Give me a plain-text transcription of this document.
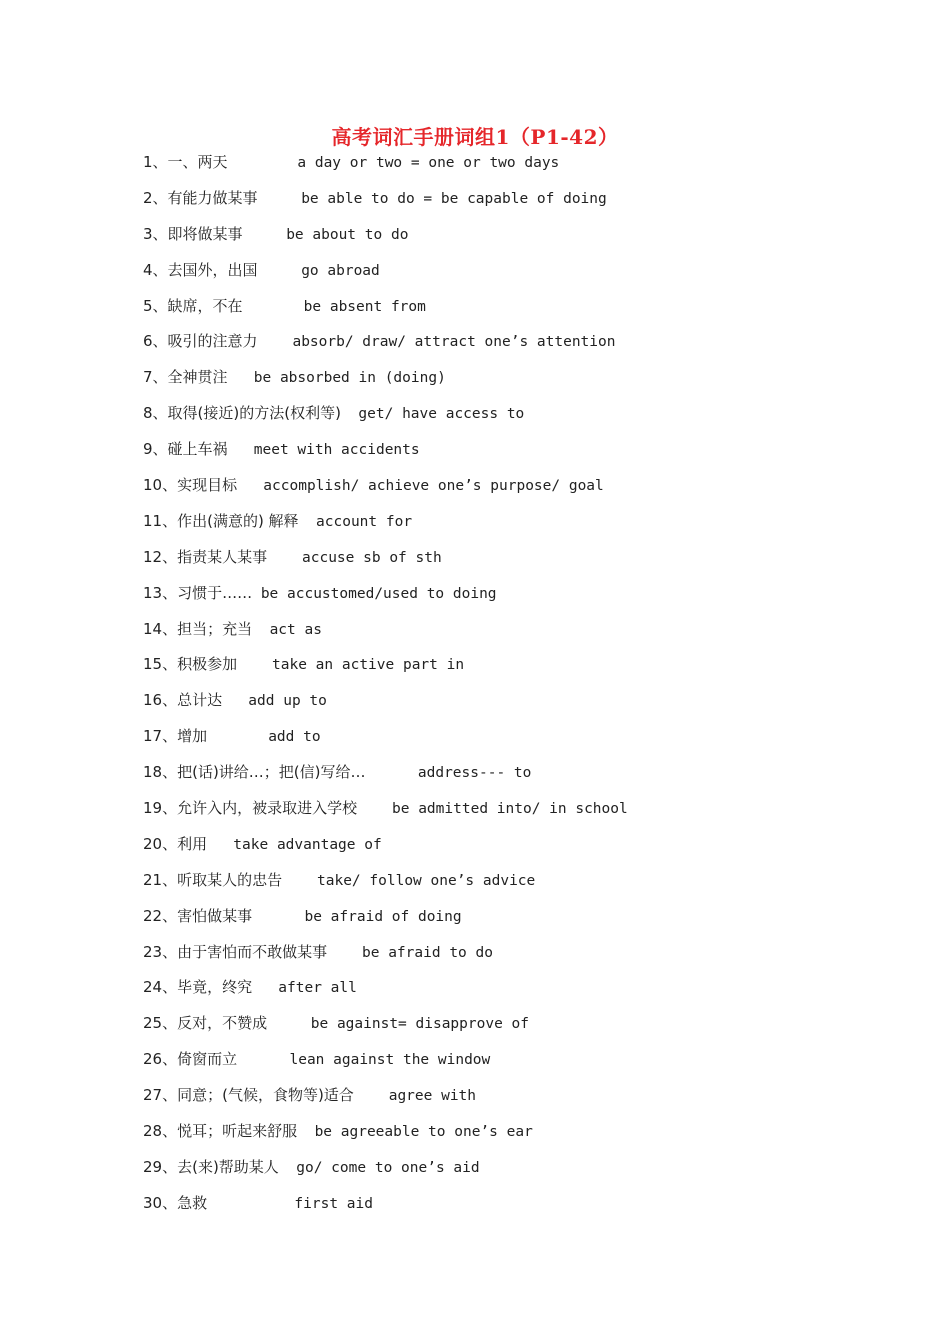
高考词汇手册词组1（P1-42）
1、一、两天	a day or two = one or two days
2、有能力做某事	be able to do = be capable of doing
3、即将做某事	be about to do
4、去国外，出国	go abroad
5、缺席，不在	be absent from
6、吸引的注意力 absorb/ draw/ attract one’s attention
7、全神贯注 be absorbed in (doing)
8、取得(接近)的方法(权利等) get/ have access to
9、碰上车祸 meet with accidents
10、实现目标 accomplish/ achieve one’s purpose/ goal
11、作出(满意的) 解释 account for
12、指责某人某事 accuse sb of sth
13、习惯于…… be accustomed/used to doing
14、担当；充当 act as
15、积极参加 take an active part in
16、总计达 add up to
17、增加	add to
18、把(话)讲给…；把(信)写给…	address--- to
19、允许入内，被录取进入学校 be admitted into/ in school
20、利用 take advantage of
21、听取某人的忠告 take/ follow one’s advice
22、害怕做某事	be afraid of doing
23、由于害怕而不敢做某事 be afraid to do
24、毕竟，终究 after all
25、反对，不赞成	be against= disapprove of
26、倚窗而立	lean against the window
27、同意；(气候，食物等)适合 agree with
28、悦耳；听起来舒服 be agreeable to one’s ear
29、去(来)帮助某人 go/ come to one’s aid
30、急救	first aid
